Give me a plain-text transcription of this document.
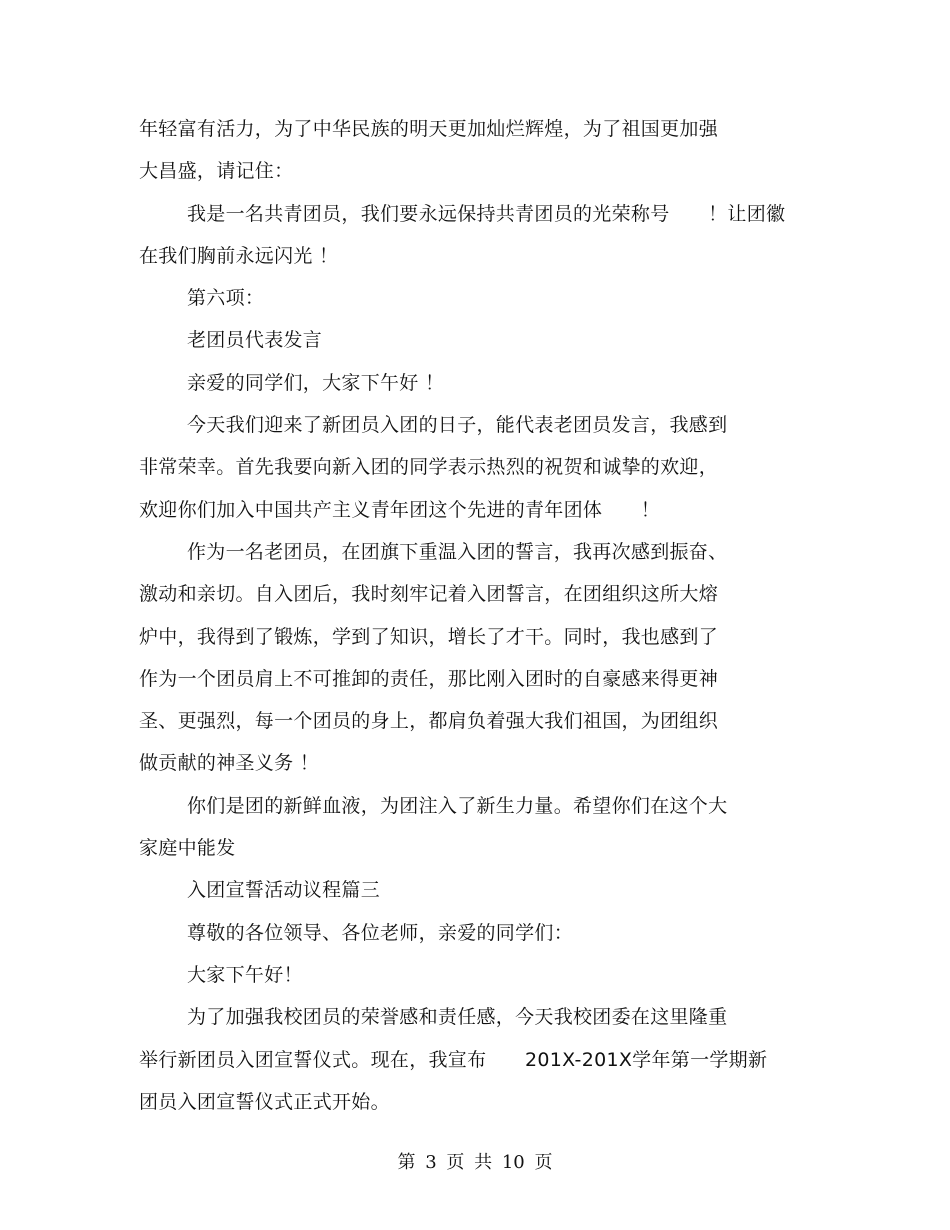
年轻富有活力，为了中华民族的明天更加灿烂辉煌，为了祖国更加强
大昌盛，请记住：
我是一名共青团员，我们要永远保持共青团员的光荣称号　　！让团徽
在我们胸前永远闪光 ！
第六项：
老团员代表发言
亲爱的同学们，大家下午好 ！
今天我们迎来了新团员入团的日子，能代表老团员发言，我感到
非常荣幸。首先我要向新入团的同学表示热烈的祝贺和诚挚的欢迎，
欢迎你们加入中国共产主义青年团这个先进的青年团体　　！
作为一名老团员，在团旗下重温入团的誓言，我再次感到振奋、
激动和亲切。自入团后，我时刻牢记着入团誓言，在团组织这所大熔
炉中，我得到了锻炼，学到了知识，增长了才干。同时，我也感到了
作为一个团员肩上不可推卸的责任，那比刚入团时的自豪感来得更神
圣、更强烈，每一个团员的身上，都肩负着强大我们祖国，为团组织
做贡献的神圣义务 ！
你们是团的新鲜血液，为团注入了新生力量。希望你们在这个大
家庭中能发
入团宣誓活动议程篇三
尊敬的各位领导、各位老师，亲爱的同学们：
大家下午好！
为了加强我校团员的荣誉感和责任感，今天我校团委在这里隆重
举行新团员入团宣誓仪式。现在，我宣布　　201X-201X学年第一学期新
团员入团宣誓仪式正式开始。
第 3 页 共 10 页
